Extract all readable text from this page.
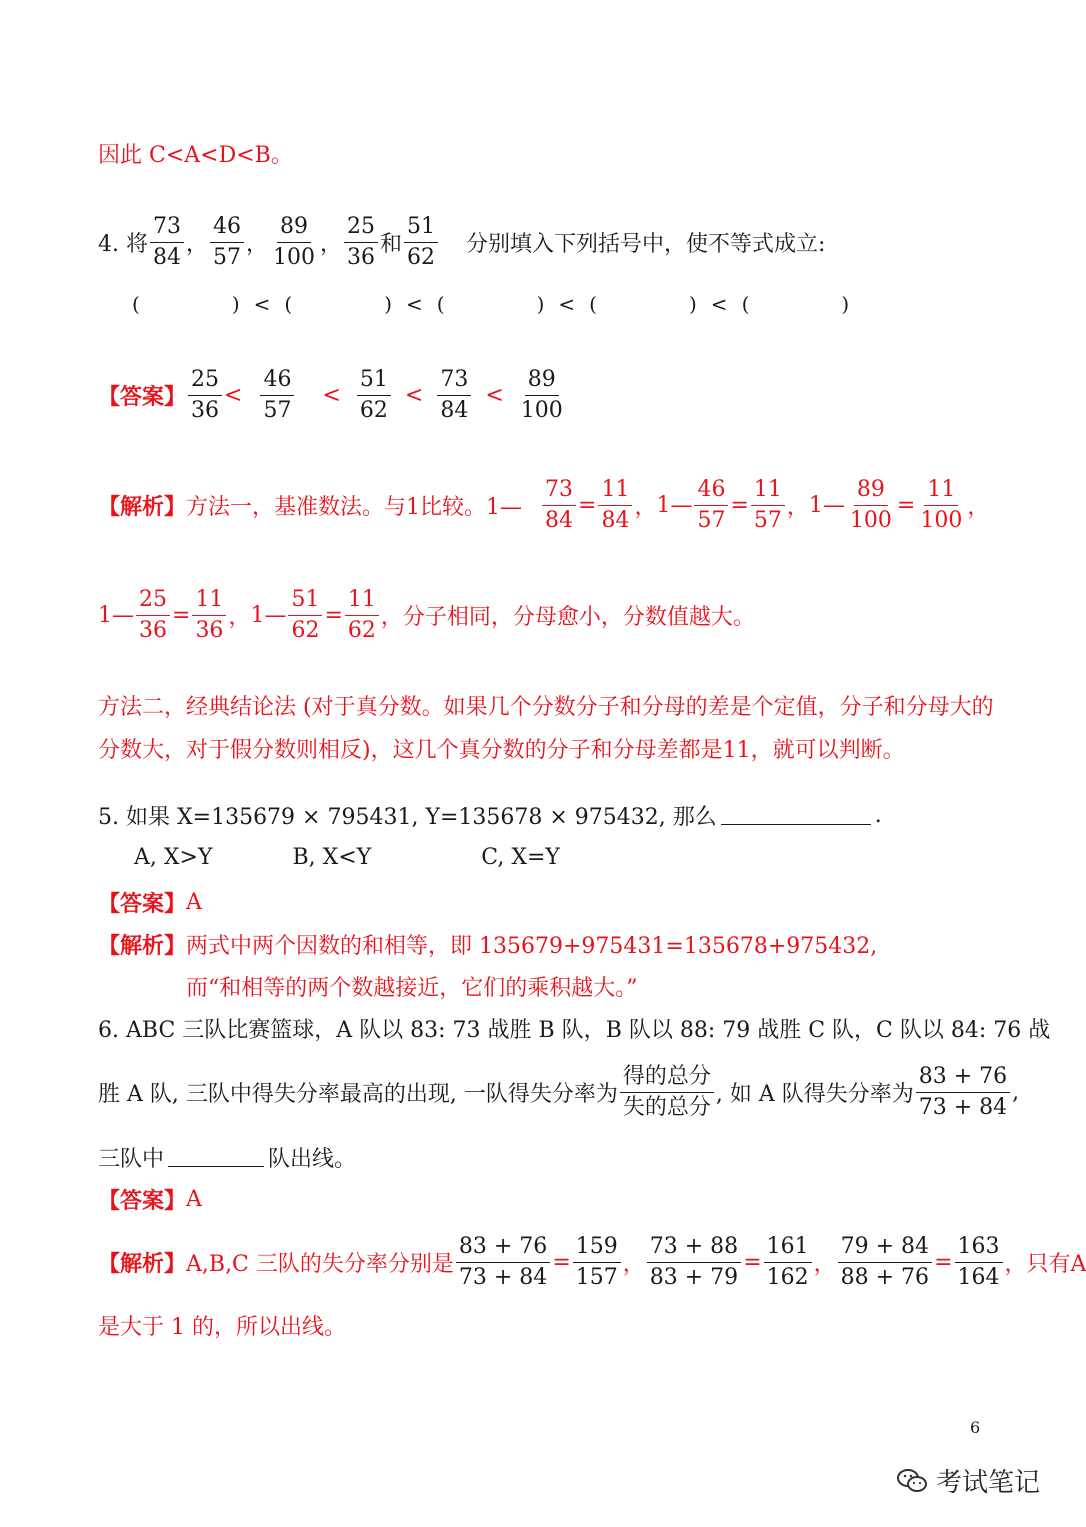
因此 C<A<D<B。
4. 将 $\frac{73}{84}$ ， $\frac{46}{57}$ ， $\frac{89}{100}$ ， $\frac{25}{36}$ 和 $\frac{51}{62}$ 分别填入下列括号中，使不等式成立:
(	) < (	) < (	) < (	) < (	)
【答案】 $\frac{25}{36} < \frac{46}{57} < \frac{51}{62} < \frac{73}{84} < \frac{89}{100}$
【解析】 方法一，基准数法。与1比较。1— $\frac{73}{84} = \frac{11}{84}$ ， 1— $\frac{46}{57} = \frac{11}{57}$ ， 1— $\frac{89}{100} = \frac{11}{100}$ ，
1— $\frac{25}{36} = \frac{11}{36}$ ， 1— $\frac{51}{62} = \frac{11}{62}$ ，分子相同，分母愈小，分数值越大。
方法二，经典结论法 (对于真分数。如果几个分数分子和分母的差是个定值，分子和分母大的
分数大，对于假分数则相反)，这几个真分数的分子和分母差都是11，就可以判断。
5. 如果 X=135679 × 795431, Y=135678 × 975432, 那么	.
A, X>Y	B, X<Y	C, X=Y
【答案】 A
【解析】 两式中两个因数的和相等，即 135679+975431=135678+975432,
而“和相等的两个数越接近，它们的乘积越大。”
6. ABC 三队比赛篮球，A 队以 83: 73 战胜 B 队，B 队以 88: 79 战胜 C 队，C 队以 84: 76 战
胜 A 队, 三队中得失分率最高的出现, 一队得失分率为 $\frac{\text{得的总分}}{\text{失的总分}}$ , 如 A 队得失分率为 $\frac{83 + 76}{73 + 84}$ ,
三队中	队出线。
【答案】 A
【解析】 A,B,C 三队的失分率分别是 $\frac{83 + 76}{73 + 84} = \frac{159}{157}$ ， $\frac{73 + 88}{83 + 79} = \frac{161}{162}$ ， $\frac{79 + 84}{88 + 76} = \frac{163}{164}$ ， 只有A
是大于 1 的，所以出线。
6
考试笔记
